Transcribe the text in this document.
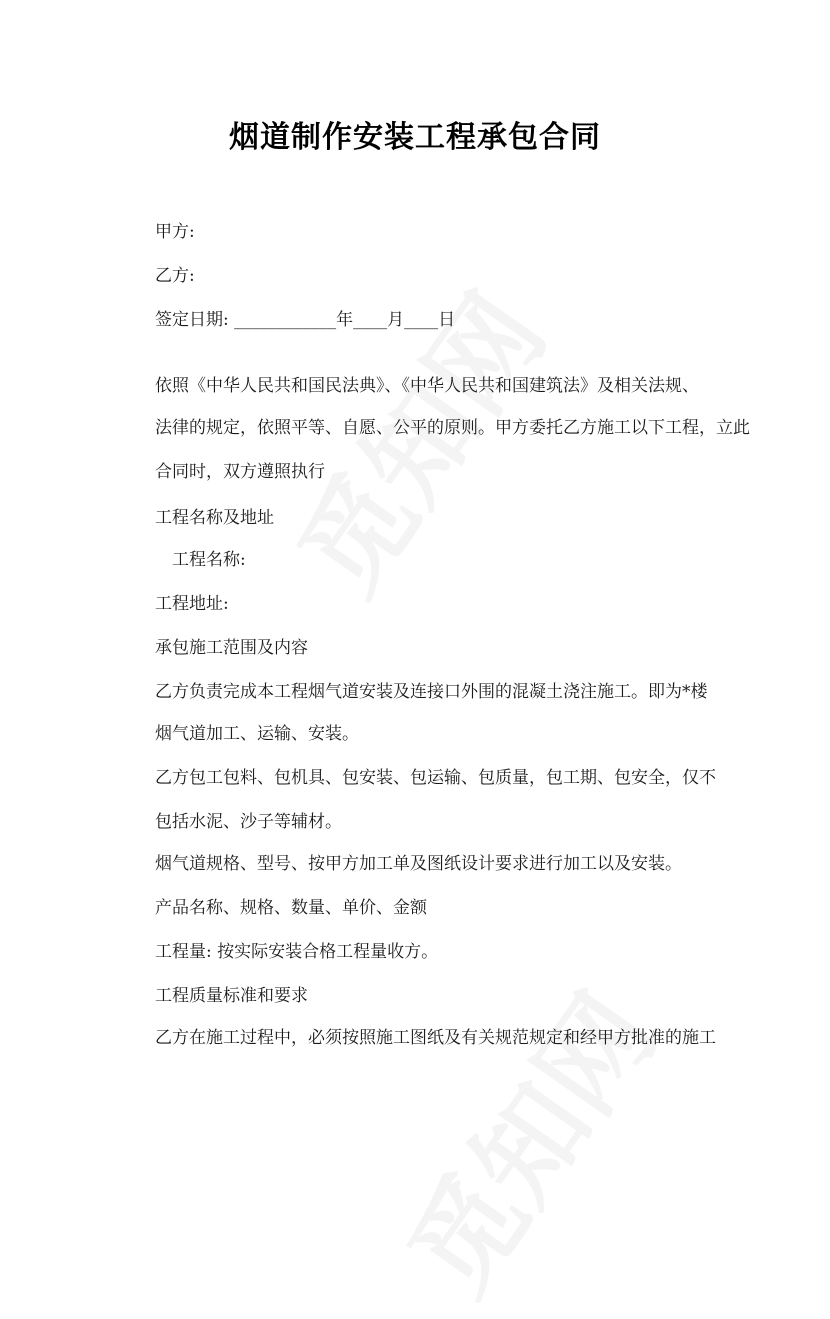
烟道制作安装工程承包合同
甲方:
乙方:
签定日期: ____________年____月____日
依照《中华人民共和国民法典》、《中华人民共和国建筑法》及相关法规、
法律的规定，依照平等、自愿、公平的原则。甲方委托乙方施工以下工程，立此
合同时，双方遵照执行
工程名称及地址
工程名称:
工程地址:
承包施工范围及内容
乙方负责完成本工程烟气道安装及连接口外围的混凝土浇注施工。即为*楼
烟气道加工、运输、安装。
乙方包工包料、包机具、包安装、包运输、包质量，包工期、包安全，仅不
包括水泥、沙子等辅材。
烟气道规格、型号、按甲方加工单及图纸设计要求进行加工以及安装。
产品名称、规格、数量、单价、金额
工程量: 按实际安装合格工程量收方。
工程质量标准和要求
乙方在施工过程中，必须按照施工图纸及有关规范规定和经甲方批准的施工
